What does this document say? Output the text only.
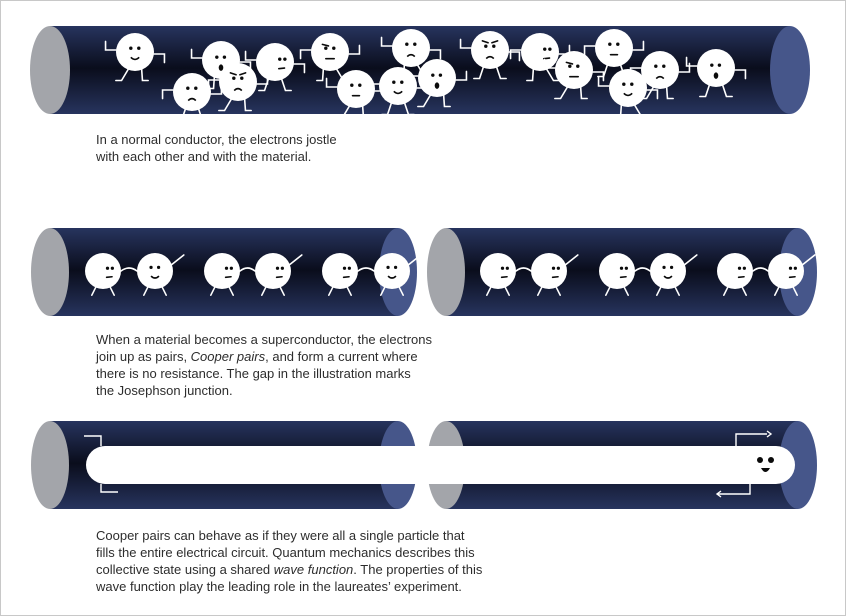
In a normal conductor, the electrons jostle
with each other and with the material.

When a material becomes a superconductor, the electrons
join up as pairs, Cooper pairs, and form a current where
there is no resistance. The gap in the illustration marks
the Josephson junction.

Cooper pairs can behave as if they were all a single particle that
fills the entire electrical circuit. Quantum mechanics describes this
collective state using a shared wave function. The properties of this
wave function play the leading role in the laureates’ experiment.
